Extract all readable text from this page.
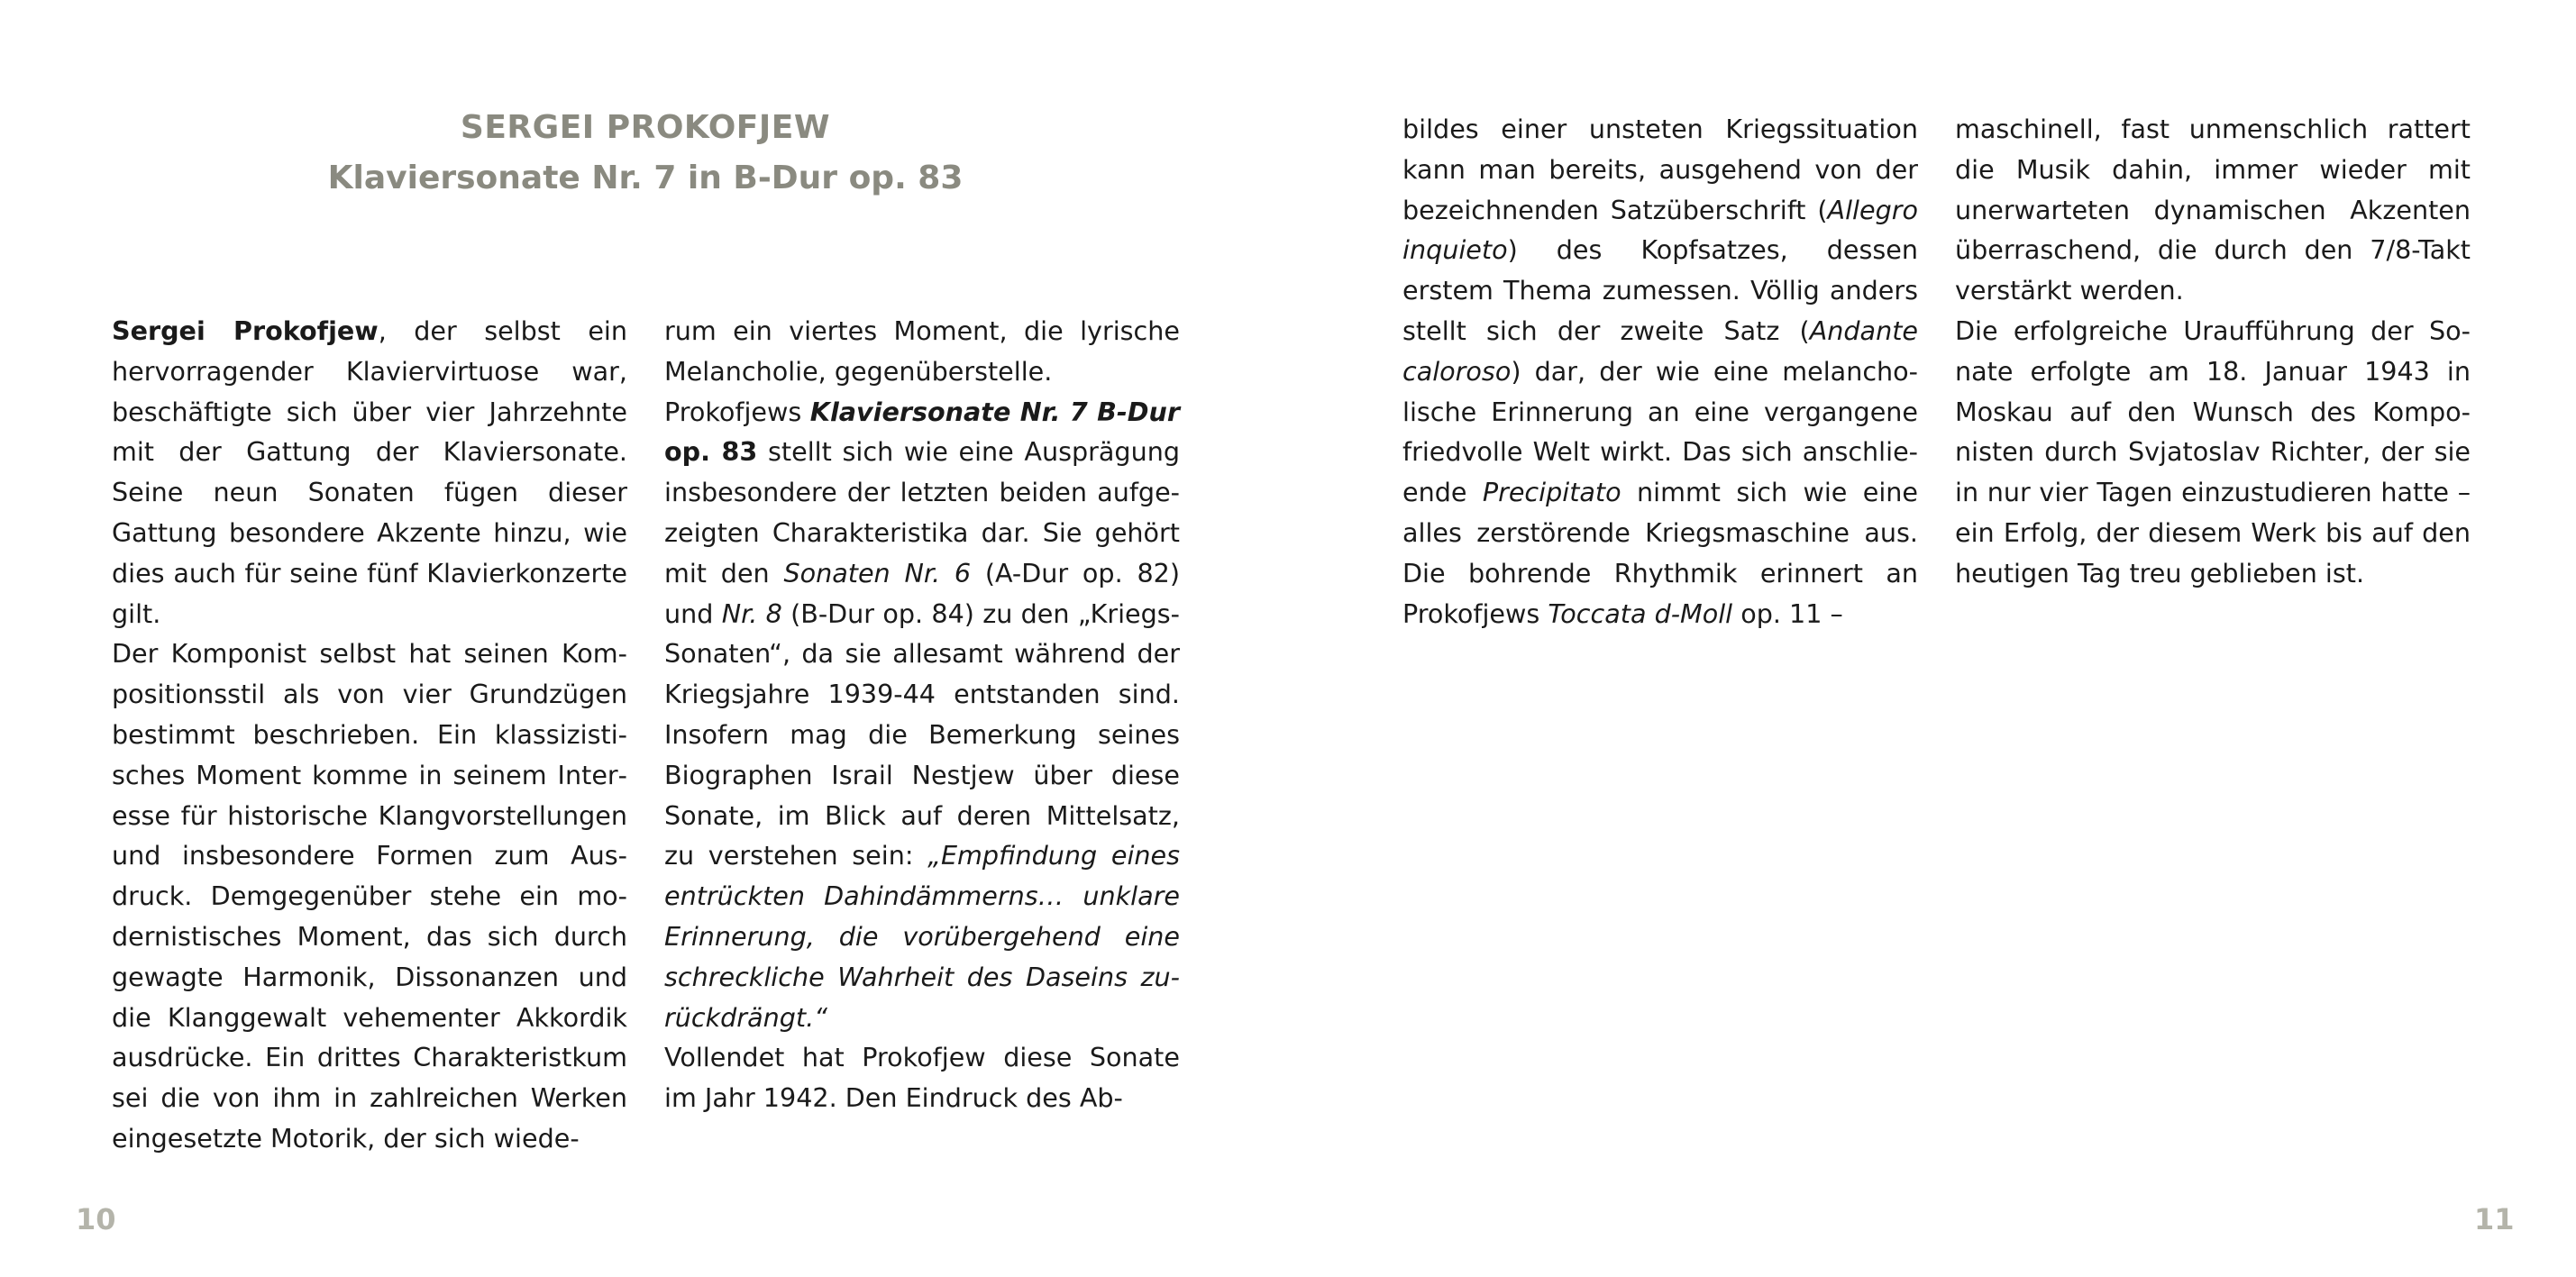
SERGEI PROKOFJEW
Klaviersonate Nr. 7 in B-Dur op. 83

Sergei Prokofjew, der selbst ein hervorragender Klaviervirtuose war, beschäftigte sich über vier Jahrzehnte mit der Gattung der Klaviersonate. Seine neun Sonaten fügen dieser Gattung besondere Akzente hinzu, wie dies auch für seine fünf Klavierkonzerte gilt.

Der Komponist selbst hat seinen Kompositionsstil als von vier Grundzügen bestimmt beschrieben. Ein klassizistisches Moment komme in seinem Interesse für historische Klangvorstellungen und insbesondere Formen zum Ausdruck. Demgegenüber stehe ein modernistisches Moment, das sich durch gewagte Harmonik, Dissonanzen und die Klanggewalt vehementer Akkordik ausdrücke. Ein drittes Charakteristkum sei die von ihm in zahlreichen Werken eingesetzte Motorik, der sich wiede-

rum ein viertes Moment, die lyrische Melancholie, gegenüberstelle.

Prokofjews Klaviersonate Nr. 7 B-Dur op. 83 stellt sich wie eine Ausprägung insbesondere der letzten beiden aufgezeigten Charakteristika dar. Sie gehört mit den Sonaten Nr. 6 (A-Dur op. 82) und Nr. 8 (B-Dur op. 84) zu den „Kriegs-Sonaten“, da sie allesamt während der Kriegsjahre 1939-44 entstanden sind. Insofern mag die Bemerkung seines Biographen Israil Nestjew über diese Sonate, im Blick auf deren Mittelsatz, zu verstehen sein: „Empfindung eines entrückten Dahindämmerns… unklare Erinnerung, die vorübergehend eine schreckliche Wahrheit des Daseins zurückdrängt.“

Vollendet hat Prokofjew diese Sonate im Jahr 1942. Den Eindruck des Ab-

10

bildes einer unsteten Kriegssituation kann man bereits, ausgehend von der bezeichnenden Satzüberschrift (Allegro inquieto) des Kopfsatzes, dessen erstem Thema zumessen. Völlig anders stellt sich der zweite Satz (Andante caloroso) dar, der wie eine melancholische Erinnerung an eine vergangene friedvolle Welt wirkt. Das sich anschlieende Precipitato nimmt sich wie eine alles zerstörende Kriegsmaschine aus. Die bohrende Rhythmik erinnert an Prokofjews Toccata d-Moll op. 11 –

maschinell, fast unmenschlich rattert die Musik dahin, immer wieder mit unerwarteten dynamischen Akzenten überraschend, die durch den 7/8-Takt verstärkt werden.

Die erfolgreiche Uraufführung der Sonate erfolgte am 18. Januar 1943 in Moskau auf den Wunsch des Komponisten durch Svjatoslav Richter, der sie in nur vier Tagen einzustudieren hatte – ein Erfolg, der diesem Werk bis auf den heutigen Tag treu geblieben ist.

11
